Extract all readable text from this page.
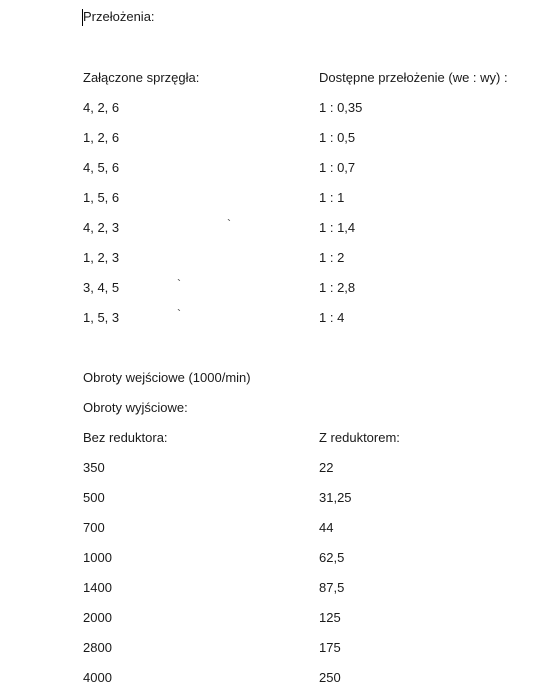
Przełożenia:
Załączone sprzęgła:	Dostępne przełożenie (we : wy) :
4, 2, 6	1 : 0,35
1, 2, 6	1 : 0,5
4, 5, 6	1 : 0,7
1, 5, 6	1 : 1
4, 2, 3	`	1 : 1,4
1, 2, 3	1 : 2
3, 4, 5	`	1 : 2,8
1, 5, 3	`	1 : 4
Obroty wejściowe (1000/min)
Obroty wyjściowe:
Bez reduktora:	Z reduktorem:
350	22
500	31,25
700	44
1000	62,5
1400	87,5
2000	125
2800	175
4000	250
